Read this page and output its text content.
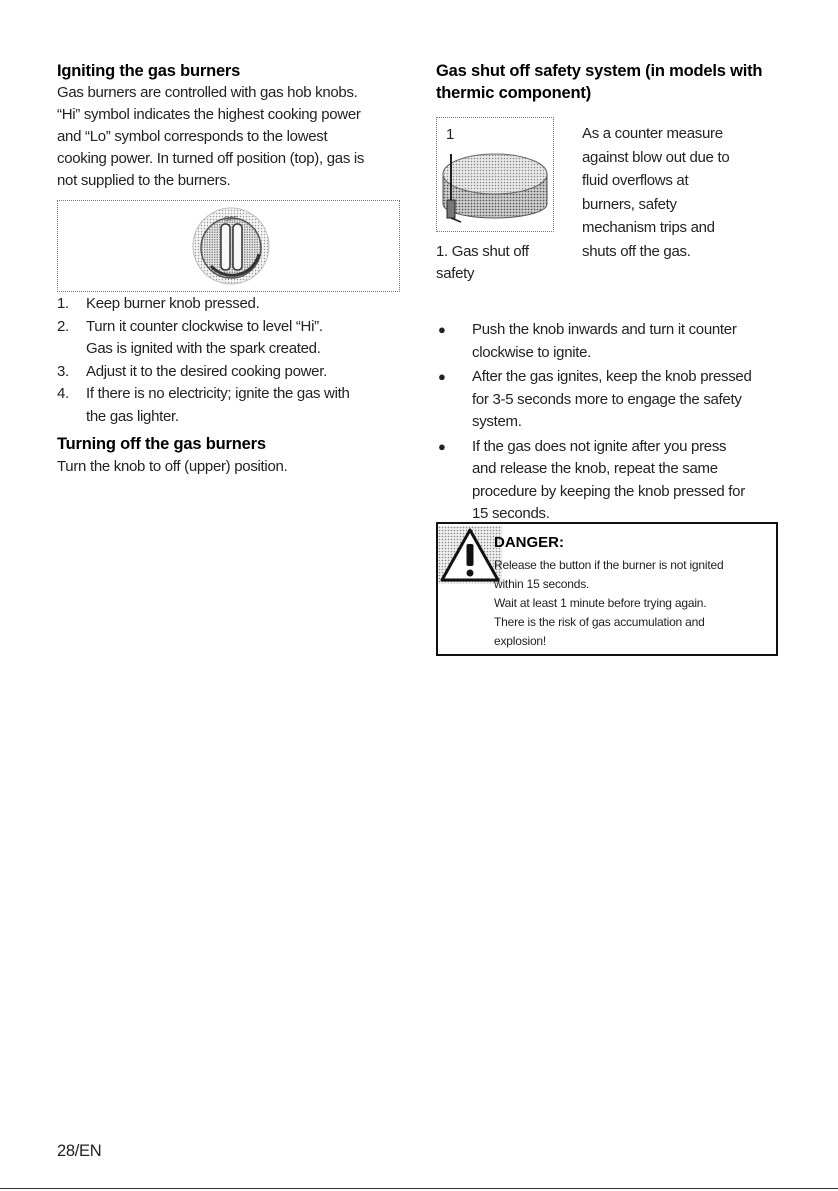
Igniting the gas burners
Gas burners are controlled with gas hob knobs.
“Hi” symbol indicates the highest cooking power
and “Lo” symbol corresponds to the lowest
cooking power. In turned off position (top), gas is
not supplied to the burners.
OFF
1. Keep burner knob pressed.
2. Turn it counter clockwise to level “Hi”.
Gas is ignited with the spark created.
3. Adjust it to the desired cooking power.
4. If there is no electricity; ignite the gas with
the gas lighter.
Turning off the gas burners

Turn the knob to off (upper) position.

Gas shut off safety system (in models with
thermic component)
1
1. Gas shut off
safety
As a counter measure
against blow out due to
fluid overflows at
burners, safety
mechanism trips and
shuts off the gas.
● Push the knob inwards and turn it counter
clockwise to ignite.
● After the gas ignites, keep the knob pressed
for 3-5 seconds more to engage the safety
system.
● If the gas does not ignite after you press
and release the knob, repeat the same
procedure by keeping the knob pressed for
15 seconds.

DANGER:

Release the button if the burner is not ignited
within 15 seconds.
Wait at least 1 minute before trying again.
There is the risk of gas accumulation and
explosion!

28/EN
